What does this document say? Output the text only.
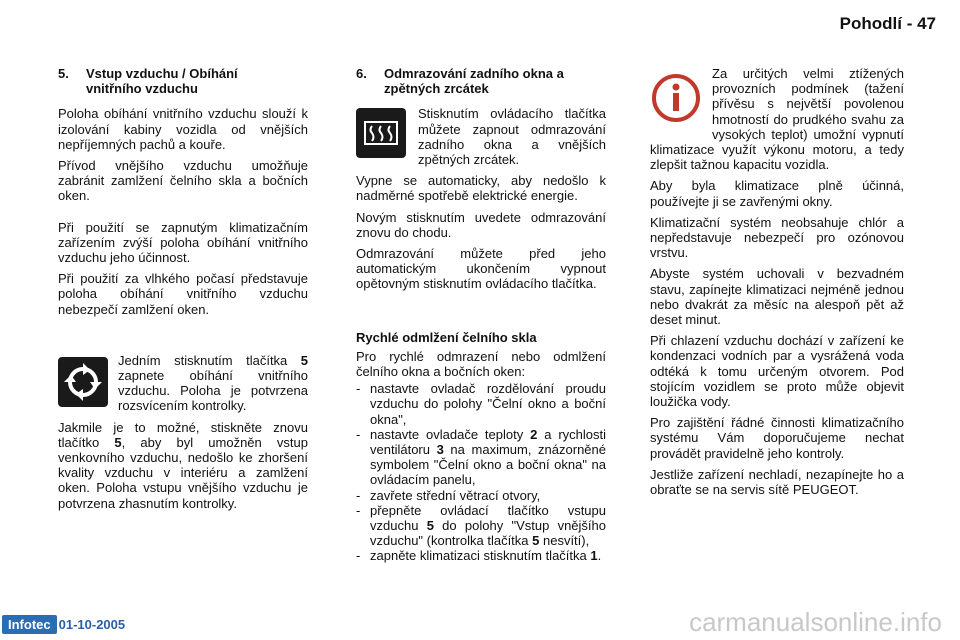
Pohodlí - 47
5. Vstup vzduchu / Obíhání
vnitřního vzduchu

Poloha obíhání vnitřního vzduchu slouží k izolování kabiny vozidla od vnějších nepříjemných pachů a kouře.

Přívod vnějšího vzduchu umožňuje zabránit zamlžení čelního skla a bočních oken.

Při použití se zapnutým klimatizačním zařízením zvýší poloha obíhání vnitřního vzduchu jeho účinnost.

Při použití za vlhkého počasí představuje poloha obíhání vnitřního vzduchu nebezpečí zamlžení oken.

Jedním stisknutím tlačítka 5 zapnete obíhání vnitřního vzduchu. Poloha je potvrzena rozsvícením kontrolky.

Jakmile je to možné, stiskněte znovu tlačítko 5, aby byl umožněn vstup venkovního vzduchu, nedošlo ke zhoršení kvality vzduchu v interiéru a zamlžení oken. Poloha vstupu vnějšího vzduchu je potvrzena zhasnutím kontrolky.

6. Odmrazování zadního okna a
zpětných zrcátek

Stisknutím ovládacího tlačítka můžete zapnout odmrazování zadního okna a vnějších zpětných zrcátek.

Vypne se automaticky, aby nedošlo k nadměrné spotřebě elektrické energie.

Novým stisknutím uvedete odmrazování znovu do chodu.

Odmrazování můžete před jeho automatickým ukončením vypnout opětovným stisknutím ovládacího tlačítka.

Rychlé odmlžení čelního skla

Pro rychlé odmrazení nebo odmlžení čelního okna a bočních oken:

- nastavte ovladač rozdělování proudu vzduchu do polohy "Čelní okno a boční okna",
- nastavte ovladače teploty 2 a rychlosti ventilátoru 3 na maximum, znázorněné symbolem "Čelní okno a boční okna" na ovládacím panelu,
- zavřete střední větrací otvory,
- přepněte ovládací tlačítko vstupu vzduchu 5 do polohy "Vstup vnějšího vzduchu" (kontrolka tlačítka 5 nesvítí),
- zapněte klimatizaci stisknutím tlačítka 1.

Za určitých velmi ztížených provozních podmínek (tažení přívěsu s největší povolenou hmotností do prudkého svahu za vysokých teplot) umožní vypnutí klimatizace využít výkonu motoru, a tedy zlepšit tažnou kapacitu vozidla.

Aby byla klimatizace plně účinná, používejte ji se zavřenými okny.

Klimatizační systém neobsahuje chlór a nepředstavuje nebezpečí pro ozónovou vrstvu.

Abyste systém uchovali v bezvadném stavu, zapínejte klimatizaci nejméně jednou nebo dvakrát za měsíc na alespoň pět až deset minut.

Při chlazení vzduchu dochází v zařízení ke kondenzaci vodních par a vysrážená voda odtéká k tomu určeným otvorem. Pod stojícím vozidlem se proto může objevit loužička vody.

Pro zajištění řádné činnosti klimatizačního systému Vám doporučujeme nechat provádět pravidelně jeho kontroly.

Jestliže zařízení nechladí, nezapínejte ho a obraťte se na servis sítě PEUGEOT.

Infotec 01-10-2005	carmanualsonline.info
